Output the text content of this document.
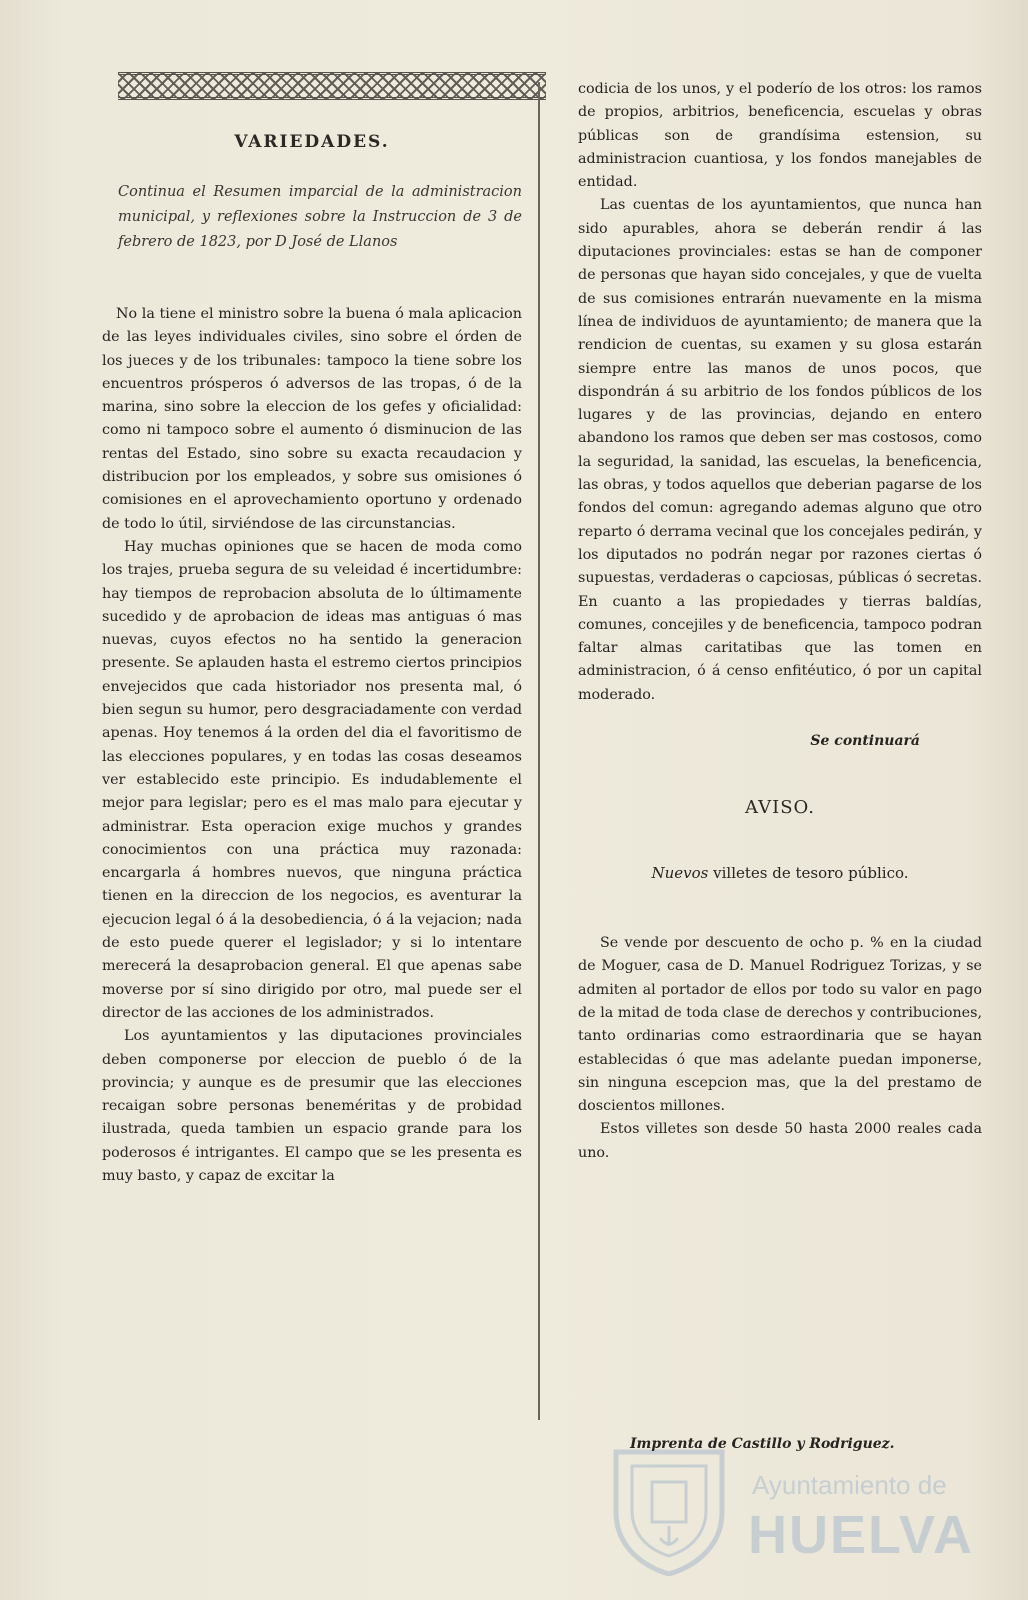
VARIEDADES.
Continua el Resumen imparcial de la administracion municipal, y reflexiones sobre la Instruccion de 3 de febrero de 1823, por D José de Llanos

No la tiene el ministro sobre la buena ó mala aplicacion de las leyes individuales civiles, sino sobre el órden de los jueces y de los tribunales: tampoco la tiene sobre los encuentros prósperos ó adversos de las tropas, ó de la marina, sino sobre la eleccion de los gefes y oficialidad: como ni tampoco sobre el aumento ó disminucion de las rentas del Estado, sino sobre su exacta recaudacion y distribucion por los empleados, y sobre sus omisiones ó comisiones en el aprovechamiento oportuno y ordenado de todo lo útil, sirviéndose de las circunstancias.

Hay muchas opiniones que se hacen de moda como los trajes, prueba segura de su veleidad é incertidumbre: hay tiempos de reprobacion absoluta de lo últimamente sucedido y de aprobacion de ideas mas antiguas ó mas nuevas, cuyos efectos no ha sentido la generacion presente. Se aplauden hasta el estremo ciertos principios envejecidos que cada historiador nos presenta mal, ó bien segun su humor, pero desgraciadamente con verdad apenas. Hoy tenemos á la orden del dia el favoritismo de las elecciones populares, y en todas las cosas deseamos ver establecido este principio. Es indudablemente el mejor para legislar; pero es el mas malo para ejecutar y administrar. Esta operacion exige muchos y grandes conocimientos con una práctica muy razonada: encargarla á hombres nuevos, que ninguna práctica tienen en la direccion de los negocios, es aventurar la ejecucion legal ó á la desobediencia, ó á la vejacion; nada de esto puede querer el legislador; y si lo intentare merecerá la desaprobacion general. El que apenas sabe moverse por sí sino dirigido por otro, mal puede ser el director de las acciones de los administrados.

Los ayuntamientos y las diputaciones provinciales deben componerse por eleccion de pueblo ó de la provincia; y aunque es de presumir que las elecciones recaigan sobre personas beneméritas y de probidad ilustrada, queda tambien un espacio grande para los poderosos é intrigantes. El campo que se les presenta es muy basto, y capaz de excitar la

codicia de los unos, y el poderío de los otros: los ramos de propios, arbitrios, beneficencia, escuelas y obras públicas son de grandísima estension, su administracion cuantiosa, y los fondos manejables de entidad.

Las cuentas de los ayuntamientos, que nunca han sido apurables, ahora se deberán rendir á las diputaciones provinciales: estas se han de componer de personas que hayan sido concejales, y que de vuelta de sus comisiones entrarán nuevamente en la misma línea de individuos de ayuntamiento; de manera que la rendicion de cuentas, su examen y su glosa estarán siempre entre las manos de unos pocos, que dispondrán á su arbitrio de los fondos públicos de los lugares y de las provincias, dejando en entero abandono los ramos que deben ser mas costosos, como la seguridad, la sanidad, las escuelas, la beneficencia, las obras, y todos aquellos que deberian pagarse de los fondos del comun: agregando ademas alguno que otro reparto ó derrama vecinal que los concejales pedirán, y los diputados no podrán negar por razones ciertas ó supuestas, verdaderas o capciosas, públicas ó secretas. En cuanto a las propiedades y tierras baldías, comunes, concejiles y de beneficencia, tampoco podran faltar almas caritatibas que las tomen en administracion, ó á censo enfitéutico, ó por un capital moderado.

Se continuará
AVISO.
Nuevos villetes de tesoro público.

Se vende por descuento de ocho p. % en la ciudad de Moguer, casa de D. Manuel Rodriguez Torizas, y se admiten al portador de ellos por todo su valor en pago de la mitad de toda clase de derechos y contribuciones, tanto ordinarias como estraordinaria que se hayan establecidas ó que mas adelante puedan imponerse, sin ninguna escepcion mas, que la del prestamo de doscientos millones.

Estos villetes son desde 50 hasta 2000 reales cada uno.

Ayuntamiento de
HUELVA
Imprenta de Castillo y Rodriguez.
